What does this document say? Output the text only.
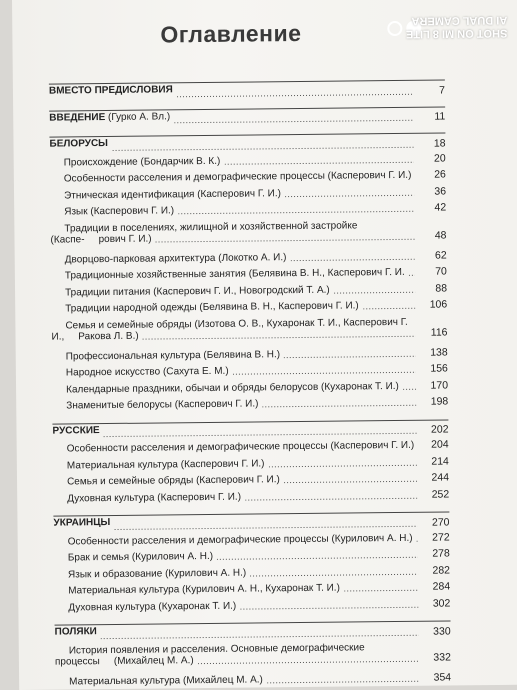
SHOT ON MI 8 LITE
AI DUAL CAMERA
Оглавление
ВМЕСТО ПРЕДИСЛОВИЯ	7
ВВЕДЕНИЕ (Гурко А. Вл.)	11
БЕЛОРУСЫ	18
Происхождение (Бондарчик В. К.)	20
Особенности расселения и демографические процессы (Касперович Г. И.) 26
Этническая идентификация (Касперович Г. И.)	36
Язык (Касперович Г. И.)	42
Традиции в поселениях, жилищной и хозяйственной застройке (Каспе- рович Г. И.)	48
Дворцово-парковая архитектура (Локотко А. И.)	62
Традиционные хозяйственные занятия (Белявина В. Н., Касперович Г. И.	70
Традиции питания (Касперович Г. И., Новогродский Т. А.)	88
Традиции народной одежды (Белявина В. Н., Касперович Г. И.)	106
Семья и семейные обряды (Изотова О. В., Кухаронак Т. И., Касперович Г. И., Ракова Л. В.)	116
Профессиональная культура (Белявина В. Н.)	138
Народное искусство (Сахута Е. М.)	156
Календарные праздники, обычаи и обряды белорусов (Кухаронак Т. И.)	170
Знаменитые белорусы (Касперович Г. И.)	198
РУССКИЕ	202
Особенности расселения и демографические процессы (Касперович Г. И.) 204
Материальная культура (Касперович Г. И.)	214
Семья и семейные обряды (Касперович Г. И.)	244
Духовная культура (Касперович Г. И.)	252
УКРАИНЦЫ	270
Особенности расселения и демографические процессы (Курилович А. Н.) 272
Брак и семья (Курилович А. Н.)	278
Язык и образование (Курилович А. Н.)	282
Материальная культура (Курилович А. Н., Кухаронак Т. И.)	284
Духовная культура (Кухаронак Т. И.)	302
ПОЛЯКИ	330
История появления и расселения. Основные демографические процессы (Михайлец М. А.)	332
Материальная культура (Михайлец М. А.)	354
